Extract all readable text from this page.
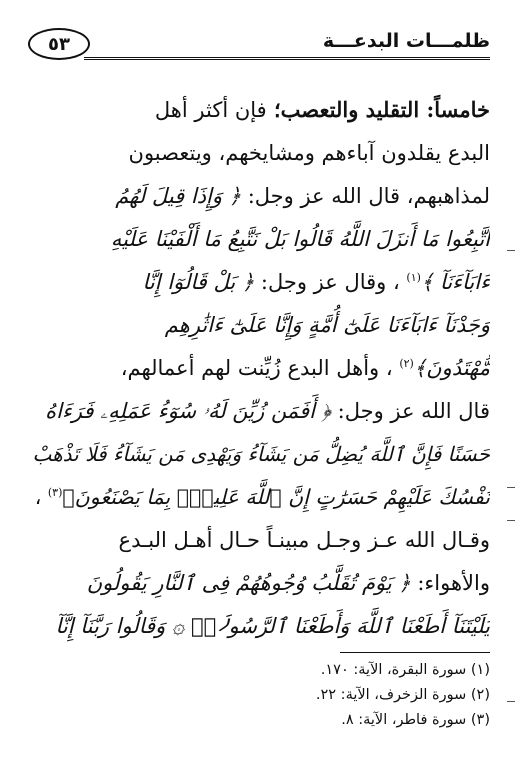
ظلمـــات البدعـــة
٥٣
خامساً: التقليد والتعصب؛ فإن أكثر أهل
البدع يقلدون آباءهم ومشايخهم، ويتعصبون
لمذاهبهم، قال الله عز وجل: ﴿ وَإِذَا قِيلَ لَهُمُ
اتَّبِعُوا مَا أَنزَلَ اللَّهُ قَالُوا بَلْ نَتَّبِعُ مَا أَلْفَيْنَا عَلَيْهِ
ءَابَآءَنَآ ﴾$^{(١)}$ ، وقال عز وجل: ﴿ بَلْ قَالُوٓا إِنَّا
وَجَدْنَآ ءَابَآءَنَا عَلَىٰٓ أُمَّةٍ وَإِنَّا عَلَىٰٓ ءَاثَٰرِهِم
مُّهْتَدُونَ﴾$^{(٢)}$ ، وأهل البدع زُيِّنت لهم أعمالهم،
قال الله عز وجل: ﴿ أَفَمَن زُيِّنَ لَهُۥ سُوٓءُ عَمَلِهِۦ فَرَءَاهُ
حَسَنًا فَإِنَّ ٱللَّهَ يُضِلُّ مَن يَشَآءُ وَيَهْدِى مَن يَشَآءُ فَلَا تَذْهَبْ
نَفْسُكَ عَلَيْهِمْ حَسَرَٰتٍ إِنَّ ٱللَّهَ عَلِيمٌۢ بِمَا يَصْنَعُونَ﴾$^{(٣)}$ ،
وقـال الله عـز وجـل مبينـاً حـال أهـل البـدع
والأهواء: ﴿ يَوْمَ تُقَلَّبُ وُجُوهُهُمْ فِى ٱلنَّارِ يَقُولُونَ
يَٰلَيْتَنَآ أَطَعْنَا ٱللَّهَ وَأَطَعْنَا ٱلرَّسُولَا۠ ۞ وَقَالُوا رَبَّنَآ إِنَّآ
(١) سورة البقرة، الآية: ١٧٠.
(٢) سورة الزخرف، الآية: ٢٢.
(٣) سورة فاطر، الآية: ٨.
